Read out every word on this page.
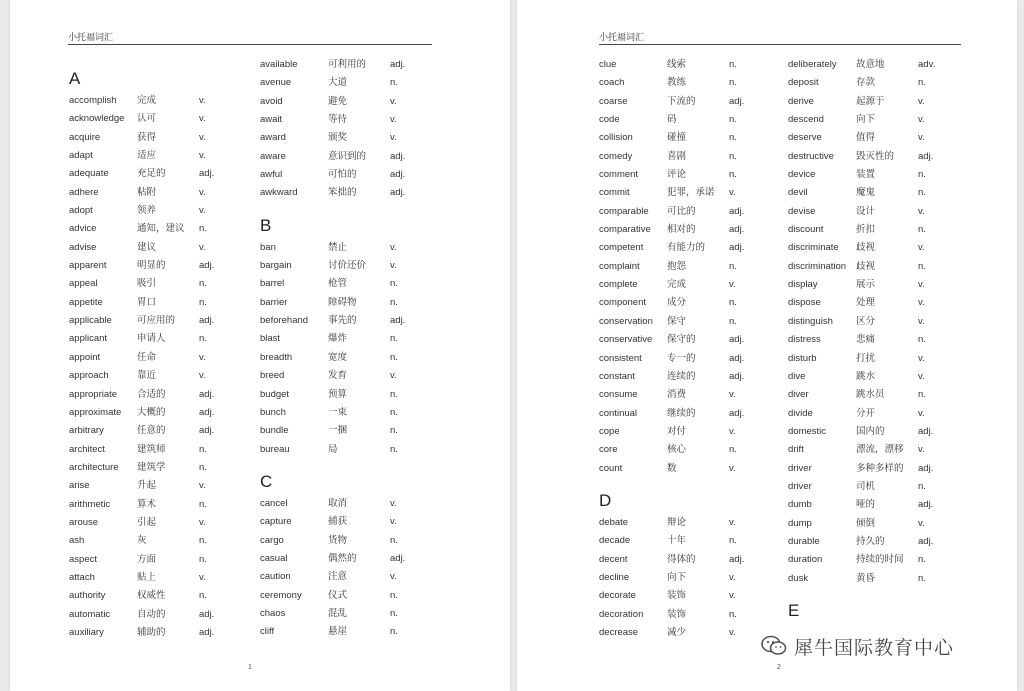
小托福词汇
A
accomplish 完成	v.
acknowledge 认可	v.
acquire	获得	v.
adapt	适应	v.
adequate	充足的	adj.
adhere	粘附	v.
adopt	领养	v.
advice	通知，建议 n.
advise	建议	v.
apparent	明显的	adj.
appeal	吸引	n.
appetite	胃口	n.
applicable	可应用的	adj.
applicant	申请人	n.
appoint	任命	v.
approach	靠近	v.
appropriate 合适的	adj.
approximate 大概的	adj.
arbitrary	任意的	adj.
architect	建筑师	n.
architecture 建筑学	n.
arise	升起	v.
arithmetic	算术	n.
arouse	引起	v.
ash	灰	n.
aspect	方面	n.
attach	贴上	v.
authority	权威性	n.
automatic	自动的	adj.
auxiliary	辅助的	adj.
available	可利用的	adj.
avenue	大道	n.
avoid	避免	v.
await	等待	v.
award	颁奖	v.
aware	意识到的	adj.
awful	可怕的	adj.
awkward	笨拙的	adj.
B
ban	禁止	v.
bargain	讨价还价	v.
barrel	枪管	n.
barrier	障碍物	n.
beforehand 事先的	adj.
blast	爆炸	n.
breadth	宽度	n.
breed	发育	v.
budget	预算	n.
bunch	一束	n.
bundle	一捆	n.
bureau	局	n.
C
cancel	取消	v.
capture	捕获	v.
cargo	货物	n.
casual	偶然的	adj.
caution	注意	v.
ceremony	仪式	n.
chaos	混乱	n.
cliff	悬崖	n.
1
小托福词汇
clue	线索	n.
coach	教练	n.
coarse	下流的	adj.
code	码	n.
collision	碰撞	n.
comedy	喜剧	n.
comment	评论	n.
commit	犯罪，承诺 v.
comparable 可比的	adj.
comparative 相对的	adj.
competent 有能力的	adj.
complaint	抱怨	n.
complete	完成	v.
component 成分	n.
conservation 保守	n.
conservative 保守的	adj.
consistent	专一的	adj.
constant	连续的	adj.
consume	消费	v.
continual	继续的	adj.
cope	对付	v.
core	核心	n.
count	数	v.
D
debate	辩论	v.
decade	十年	n.
decent	得体的	adj.
decline	向下	v.
decorate	装饰	v.
decoration 装饰	n.
decrease	减少	v.
deliberately 故意地	adv.
deposit	存款	n.
derive	起源于	v.
descend	向下	v.
deserve	值得	v.
destructive 毁灭性的	adj.
device	装置	n.
devil	魔鬼	n.
devise	设计	v.
discount	折扣	n.
discriminate 歧视	v.
discrimination 歧视	n.
display	展示	v.
dispose	处理	v.
distinguish 区分	v.
distress	悲痛	n.
disturb	打扰	v.
dive	跳水	v.
diver	跳水员	n.
divide	分开	v.
domestic	国内的	adj.
drift	漂流，漂移 v.
driver	多种多样的 adj.
driver	司机	n.
dumb	哑的	adj.
dump	倾倒	v.
durable	持久的	adj.
duration	持续的时间 n.
dusk	黄昏	n.
E
2
犀牛国际教育中心
